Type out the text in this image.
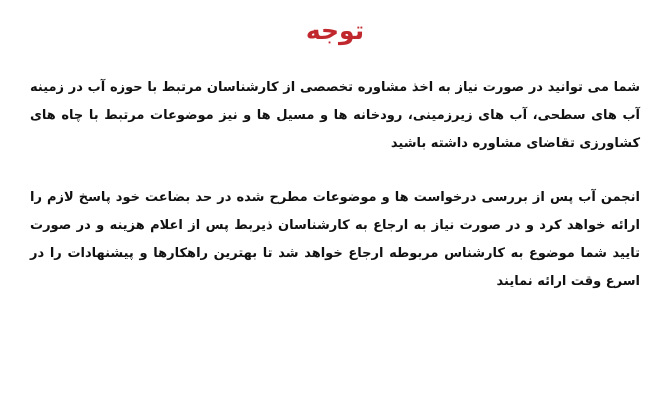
توجه

شما می توانید در صورت نیاز به اخذ مشاوره تخصصی از کارشناسان مرتبط با حوزه آب در زمینه آب های سطحی، آب های زیرزمینی، رودخانه ها و مسیل ها و نیز موضوعات مرتبط با چاه های کشاورزی تقاضای مشاوره داشته باشید

انجمن آب پس از بررسی درخواست ها و موضوعات مطرح شده در حد بضاعت خود پاسخ لازم را ارائه خواهد کرد و در صورت نیاز به ارجاع به کارشناسان ذیربط پس از اعلام هزینه و در صورت تایید شما موضوع به کارشناس مربوطه ارجاع خواهد شد تا بهترین راهکارها و پیشنهادات را در اسرع وقت ارائه نمایند
